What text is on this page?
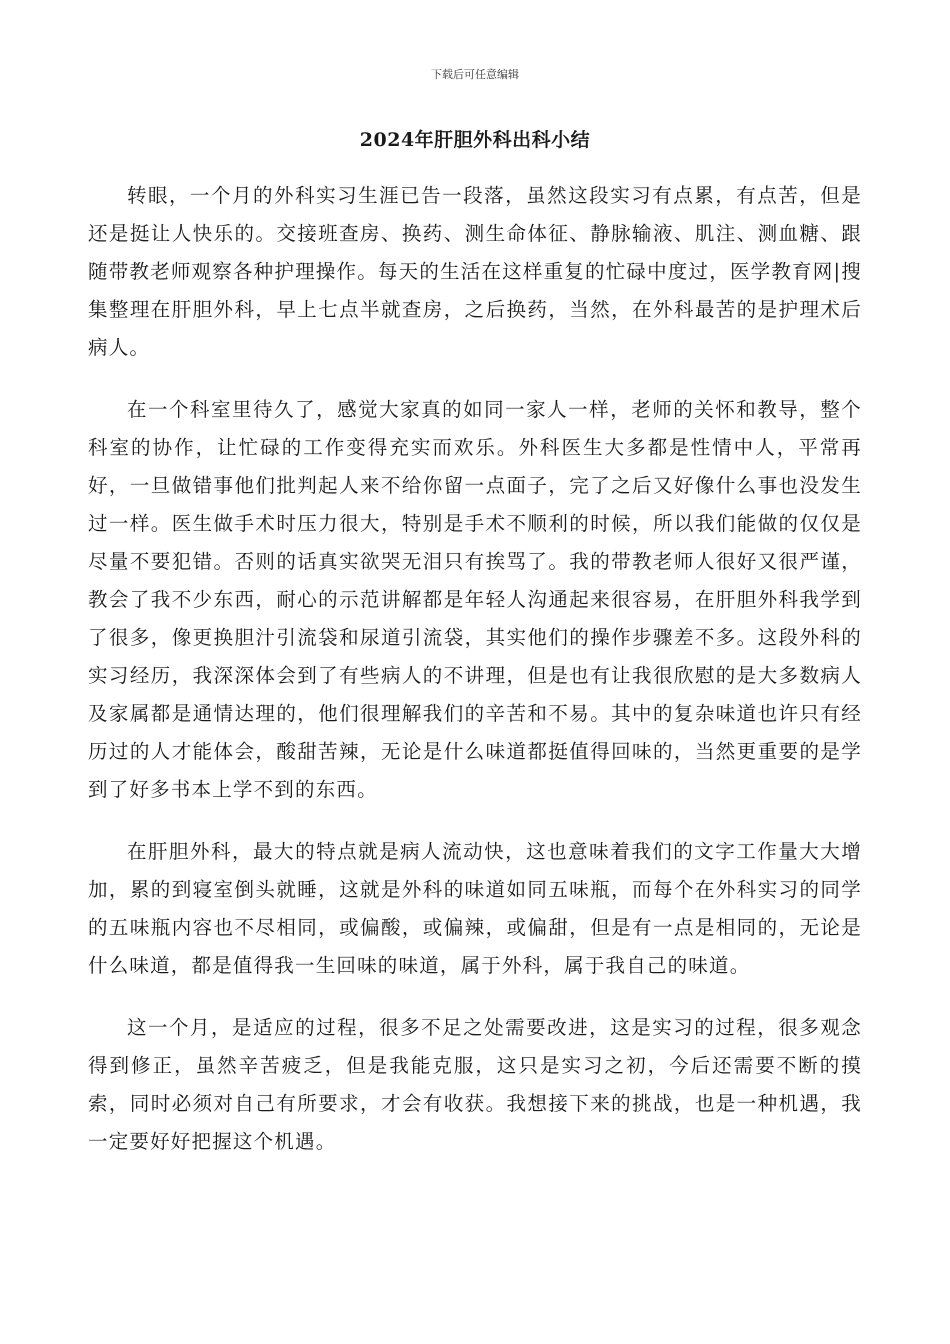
下载后可任意编辑
2024年肝胆外科出科小结

转眼，一个月的外科实习生涯已告一段落，虽然这段实习有点累，有点苦，但是还是挺让人快乐的。交接班查房、换药、测生命体征、静脉输液、肌注、测血糖、跟随带教老师观察各种护理操作。每天的生活在这样重复的忙碌中度过，医学教育网|搜集整理在肝胆外科，早上七点半就查房，之后换药，当然，在外科最苦的是护理术后病人。

在一个科室里待久了，感觉大家真的如同一家人一样，老师的关怀和教导，整个科室的协作，让忙碌的工作变得充实而欢乐。外科医生大多都是性情中人，平常再好，一旦做错事他们批判起人来不给你留一点面子，完了之后又好像什么事也没发生过一样。医生做手术时压力很大，特别是手术不顺利的时候，所以我们能做的仅仅是尽量不要犯错。否则的话真实欲哭无泪只有挨骂了。我的带教老师人很好又很严谨，教会了我不少东西，耐心的示范讲解都是年轻人沟通起来很容易，在肝胆外科我学到了很多，像更换胆汁引流袋和尿道引流袋，其实他们的操作步骤差不多。这段外科的实习经历，我深深体会到了有些病人的不讲理，但是也有让我很欣慰的是大多数病人及家属都是通情达理的，他们很理解我们的辛苦和不易。其中的复杂味道也许只有经历过的人才能体会，酸甜苦辣，无论是什么味道都挺值得回味的，当然更重要的是学到了好多书本上学不到的东西。

在肝胆外科，最大的特点就是病人流动快，这也意味着我们的文字工作量大大增加，累的到寝室倒头就睡，这就是外科的味道如同五味瓶，而每个在外科实习的同学的五味瓶内容也不尽相同，或偏酸，或偏辣，或偏甜，但是有一点是相同的，无论是什么味道，都是值得我一生回味的味道，属于外科，属于我自己的味道。

这一个月，是适应的过程，很多不足之处需要改进，这是实习的过程，很多观念得到修正，虽然辛苦疲乏，但是我能克服，这只是实习之初，今后还需要不断的摸索，同时必须对自己有所要求，才会有收获。我想接下来的挑战，也是一种机遇，我一定要好好把握这个机遇。
